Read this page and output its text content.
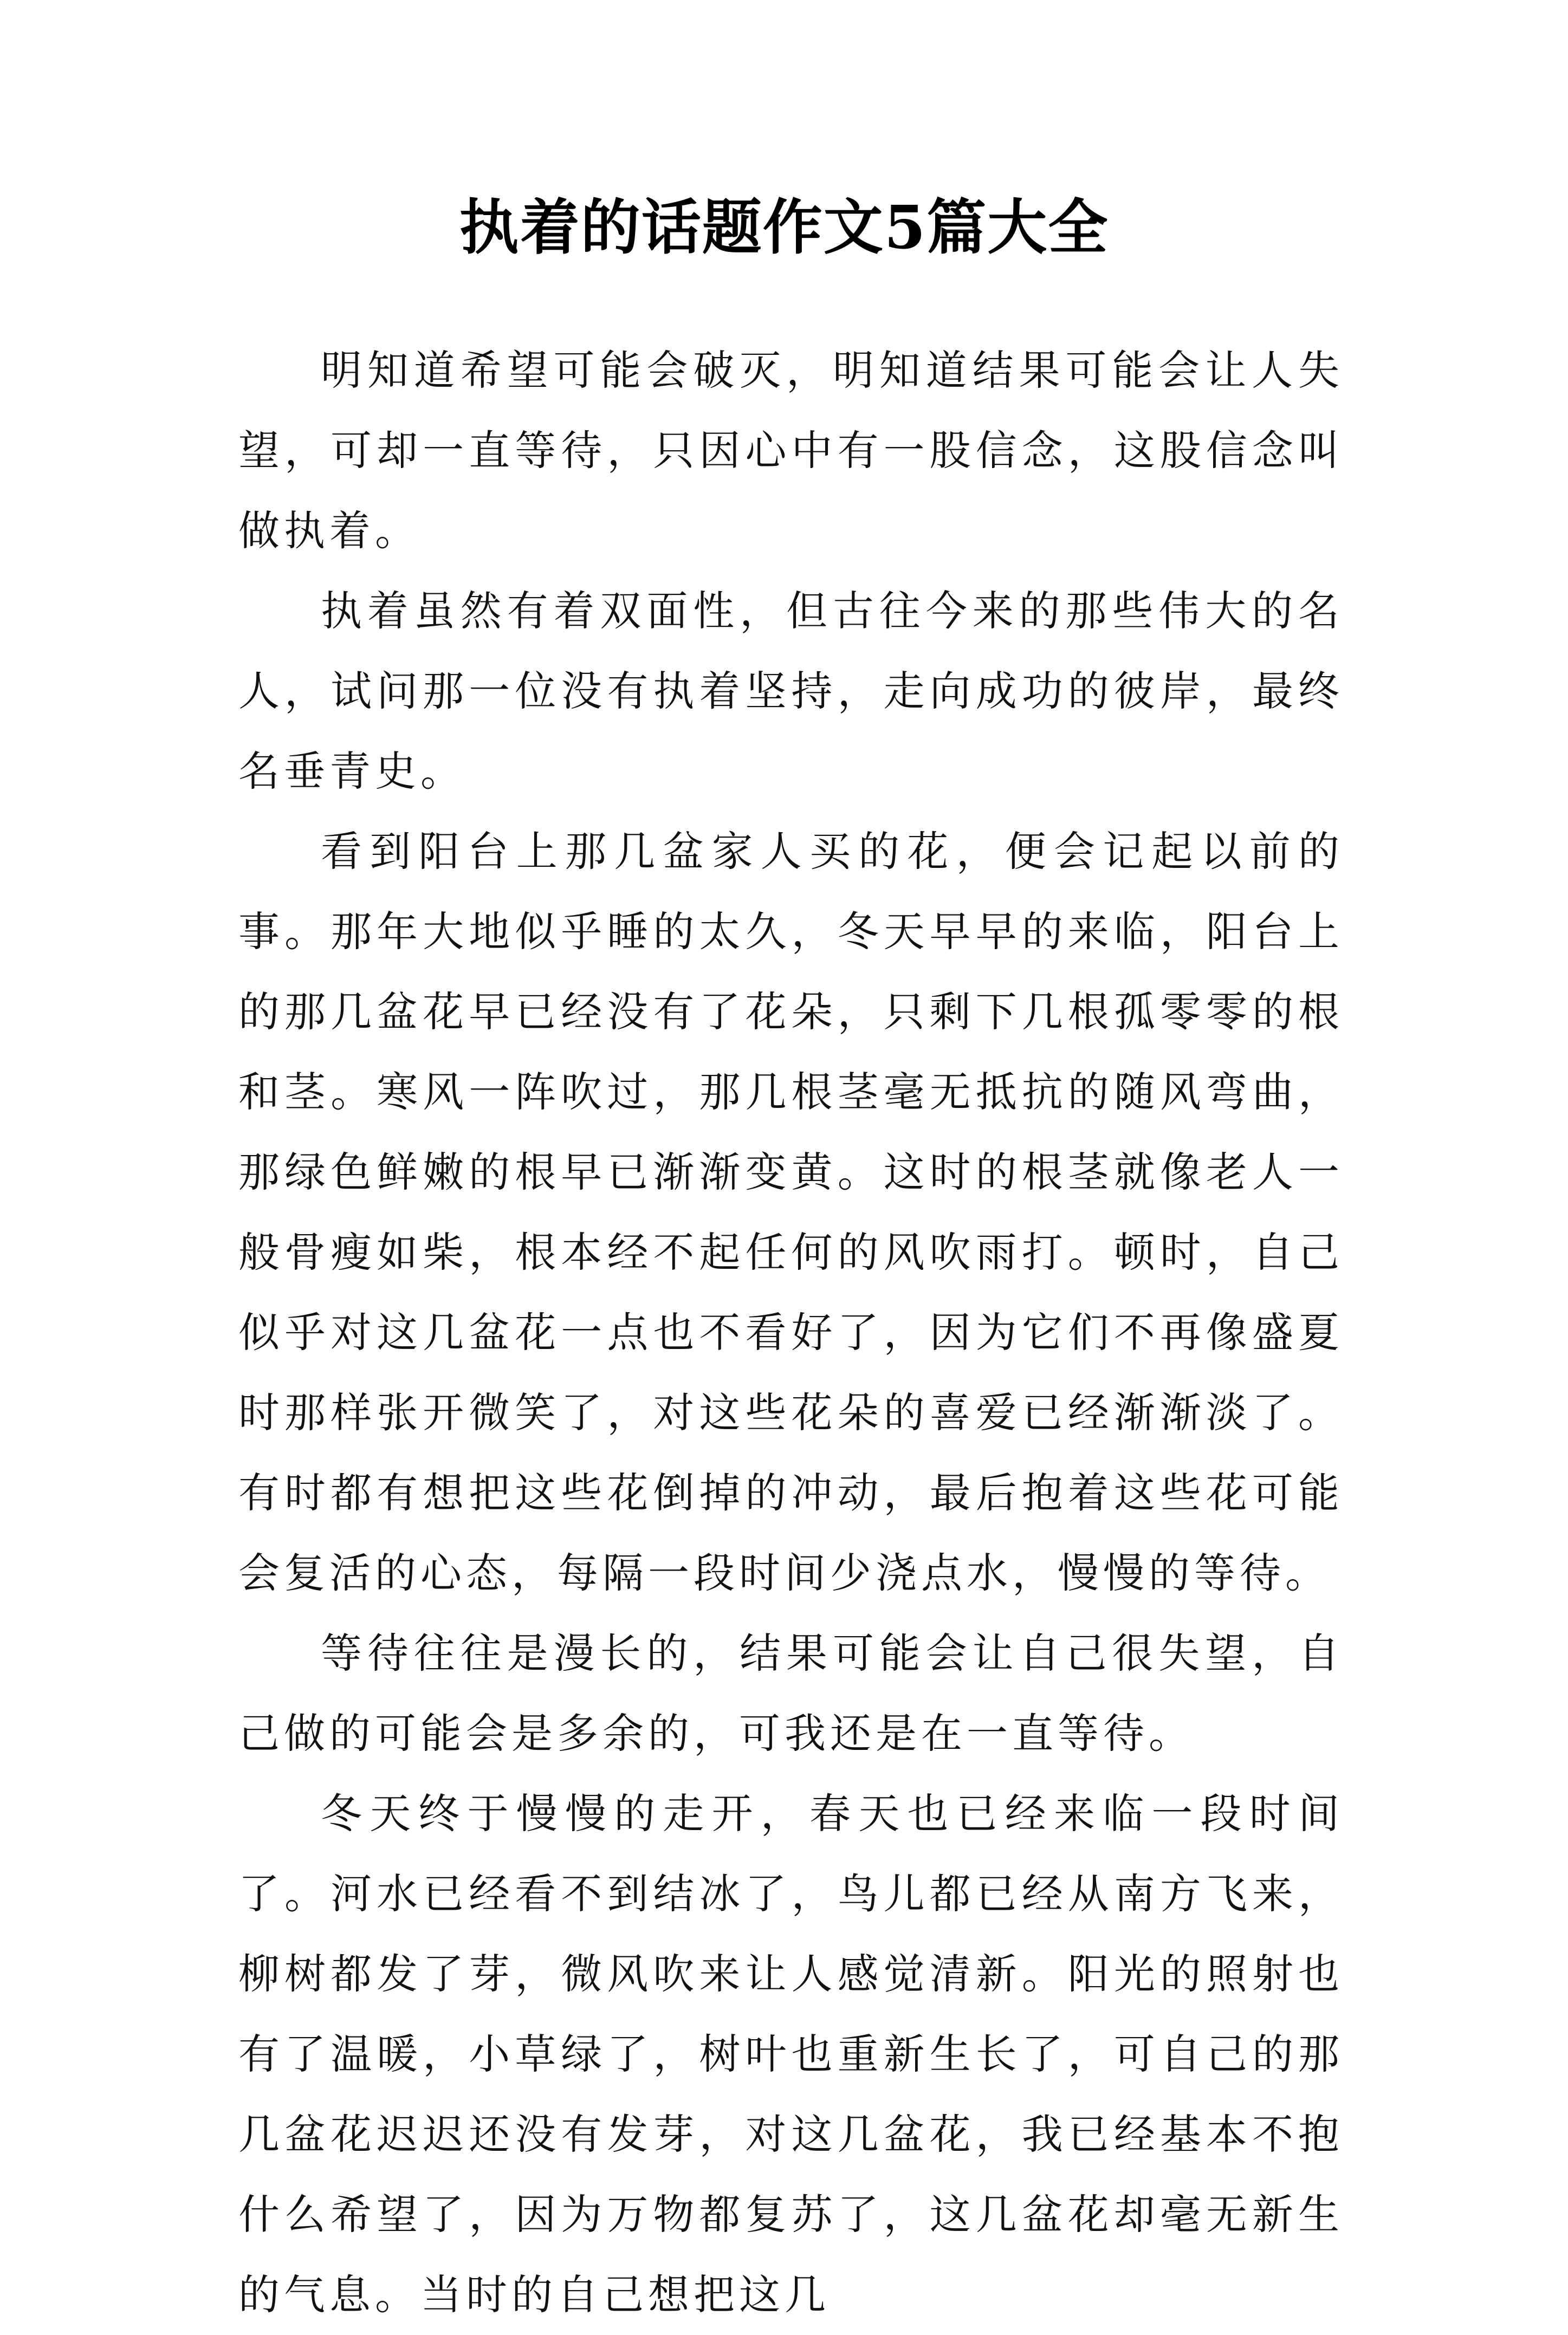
执着的话题作文5篇大全

明知道希望可能会破灭，明知道结果可能会让人失望，可却一直等待，只因心中有一股信念，这股信念叫做执着。

执着虽然有着双面性，但古往今来的那些伟大的名人，试问那一位没有执着坚持，走向成功的彼岸，最终名垂青史。

看到阳台上那几盆家人买的花，便会记起以前的事。那年大地似乎睡的太久，冬天早早的来临，阳台上的那几盆花早已经没有了花朵，只剩下几根孤零零的根和茎。寒风一阵吹过，那几根茎毫无抵抗的随风弯曲，那绿色鲜嫩的根早已渐渐变黄。这时的根茎就像老人一般骨瘦如柴，根本经不起任何的风吹雨打。顿时，自己似乎对这几盆花一点也不看好了，因为它们不再像盛夏时那样张开微笑了，对这些花朵的喜爱已经渐渐淡了。有时都有想把这些花倒掉的冲动，最后抱着这些花可能会复活的心态，每隔一段时间少浇点水，慢慢的等待。

等待往往是漫长的，结果可能会让自己很失望，自己做的可能会是多余的，可我还是在一直等待。

冬天终于慢慢的走开，春天也已经来临一段时间了。河水已经看不到结冰了，鸟儿都已经从南方飞来，柳树都发了芽，微风吹来让人感觉清新。阳光的照射也有了温暖，小草绿了，树叶也重新生长了，可自己的那几盆花迟迟还没有发芽，对这几盆花，我已经基本不抱什么希望了，因为万物都复苏了，这几盆花却毫无新生的气息。当时的自己想把这几
